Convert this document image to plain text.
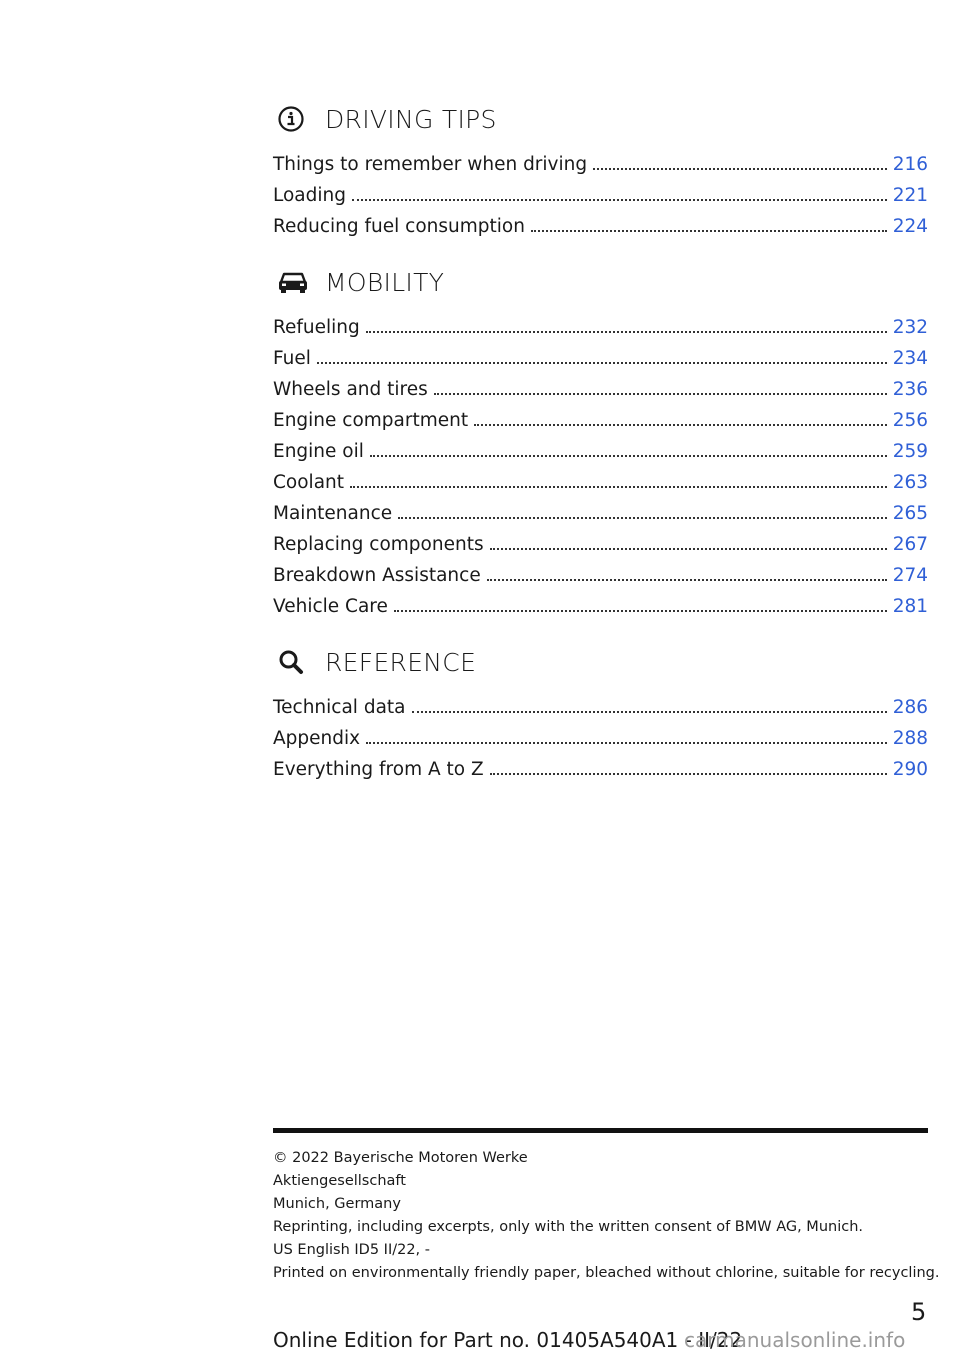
DRIVING TIPS
Things to remember when driving	216
Loading	221
Reducing fuel consumption	224
MOBILITY
Refueling	232
Fuel	234
Wheels and tires	236
Engine compartment	256
Engine oil	259
Coolant	263
Maintenance	265
Replacing components	267
Breakdown Assistance	274
Vehicle Care	281
REFERENCE
Technical data	286
Appendix	288
Everything from A to Z	290
© 2022 Bayerische Motoren Werke
Aktiengesellschaft
Munich, Germany
Reprinting, including excerpts, only with the written consent of BMW AG, Munich.
US English ID5 II/22, -
Printed on environmentally friendly paper, bleached without chlorine, suitable for recycling.
5
Online Edition for Part no. 01405A540A1 - II/22
carmanualsonline.info
